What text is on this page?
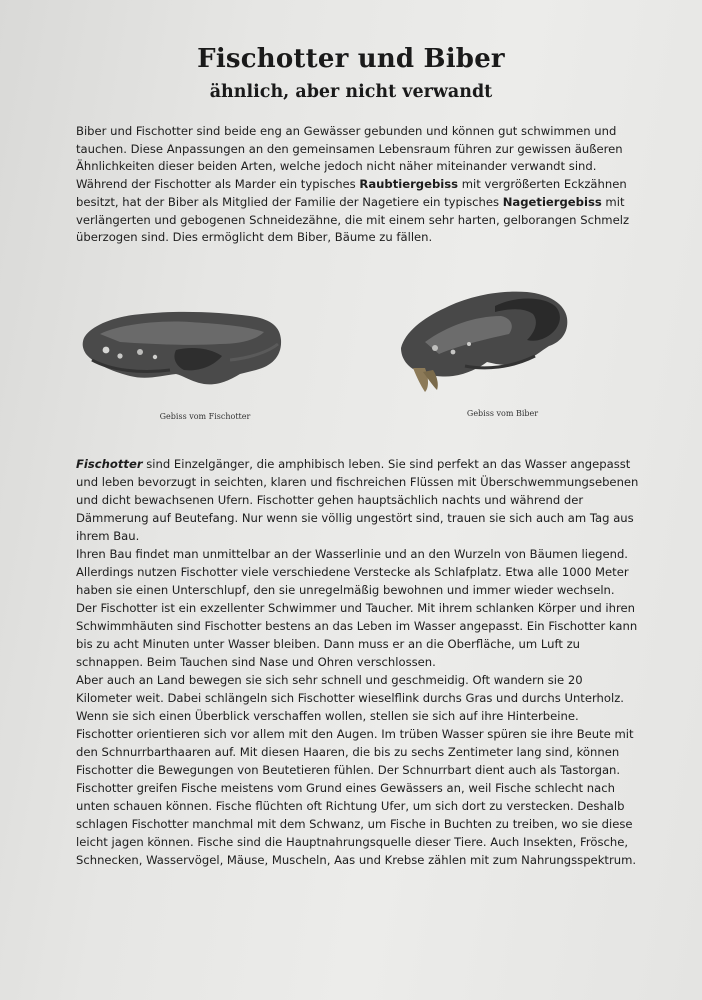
Fischotter und Biber
ähnlich, aber nicht verwandt

Biber und Fischotter sind beide eng an Gewässer gebunden und können gut schwimmen und tauchen. Diese Anpassungen an den gemeinsamen Lebensraum führen zur gewissen äußeren Ähnlichkeiten dieser beiden Arten, welche jedoch nicht näher miteinander verwandt sind.

Während der Fischotter als Marder ein typisches Raubtiergebiss mit vergrößerten Eckzähnen besitzt, hat der Biber als Mitglied der Familie der Nagetiere ein typisches Nagetiergebiss mit verlängerten und gebogenen Schneidezähne, die mit einem sehr harten, gelborangen Schmelz überzogen sind. Dies ermöglicht dem Biber, Bäume zu fällen.

Gebiss vom Fischotter	Gebiss vom Biber

Fischotter sind Einzelgänger, die amphibisch leben. Sie sind perfekt an das Wasser angepasst und leben bevorzugt in seichten, klaren und fischreichen Flüssen mit Überschwemmungsebenen und dicht bewachsenen Ufern. Fischotter gehen hauptsächlich nachts und während der Dämmerung auf Beutefang. Nur wenn sie völlig ungestört sind, trauen sie sich auch am Tag aus ihrem Bau.

Ihren Bau findet man unmittelbar an der Wasserlinie und an den Wurzeln von Bäumen liegend. Allerdings nutzen Fischotter viele verschiedene Verstecke als Schlafplatz. Etwa alle 1000 Meter haben sie einen Unterschlupf, den sie unregelmäßig bewohnen und immer wieder wechseln.

Der Fischotter ist ein exzellenter Schwimmer und Taucher. Mit ihrem schlanken Körper und ihren Schwimmhäuten sind Fischotter bestens an das Leben im Wasser angepasst. Ein Fischotter kann bis zu acht Minuten unter Wasser bleiben. Dann muss er an die Oberfläche, um Luft zu schnappen. Beim Tauchen sind Nase und Ohren verschlossen.

Aber auch an Land bewegen sie sich sehr schnell und geschmeidig. Oft wandern sie 20 Kilometer weit. Dabei schlängeln sich Fischotter wieselflink durchs Gras und durchs Unterholz. Wenn sie sich einen Überblick verschaffen wollen, stellen sie sich auf ihre Hinterbeine.

Fischotter orientieren sich vor allem mit den Augen. Im trüben Wasser spüren sie ihre Beute mit den Schnurrbarthaaren auf. Mit diesen Haaren, die bis zu sechs Zentimeter lang sind, können Fischotter die Bewegungen von Beutetieren fühlen. Der Schnurrbart dient auch als Tastorgan.

Fischotter greifen Fische meistens vom Grund eines Gewässers an, weil Fische schlecht nach unten schauen können. Fische flüchten oft Richtung Ufer, um sich dort zu verstecken. Deshalb schlagen Fischotter manchmal mit dem Schwanz, um Fische in Buchten zu treiben, wo sie diese leicht jagen können. Fische sind die Hauptnahrungsquelle dieser Tiere. Auch Insekten, Frösche, Schnecken, Wasservögel, Mäuse, Muscheln, Aas und Krebse zählen mit zum Nahrungsspektrum.
